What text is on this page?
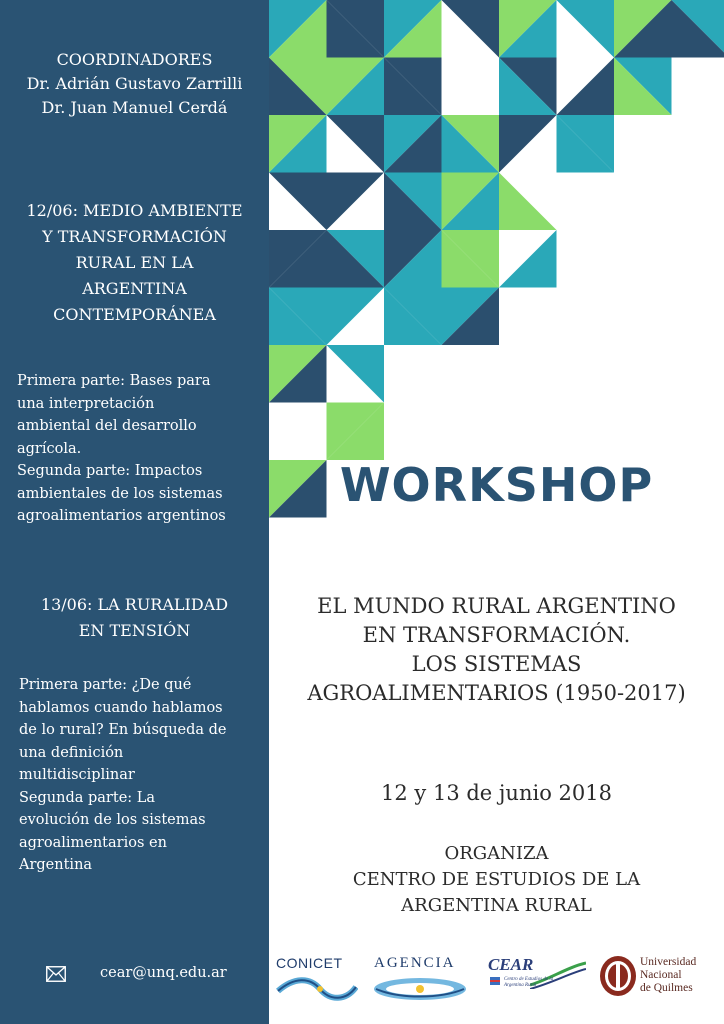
COORDINADORES
Dr. Adrián Gustavo Zarrilli
Dr. Juan Manuel Cerdá
12/06: MEDIO AMBIENTE
Y TRANSFORMACIÓN
RURAL EN LA
ARGENTINA
CONTEMPORÁNEA
Primera parte: Bases para
una interpretación
ambiental del desarrollo
agrícola.
Segunda parte: Impactos
ambientales de los sistemas
agroalimentarios argentinos
13/06: LA RURALIDAD
EN TENSIÓN
Primera parte: ¿De qué
hablamos cuando hablamos
de lo rural? En búsqueda de
una definición
multidisciplinar
Segunda parte: La
evolución de los sistemas
agroalimentarios en
Argentina
cear@unq.edu.ar
WORKSHOP
EL MUNDO RURAL ARGENTINO
EN TRANSFORMACIÓN.
LOS SISTEMAS
AGROALIMENTARIOS (1950-2017)
12 y 13 de junio 2018
ORGANIZA
CENTRO DE ESTUDIOS DE LA
ARGENTINA RURAL
CONICET AGENCIA CEAR
Centro de Estudios de la Argentina Rural
Universidad
Nacional
de Quilmes
